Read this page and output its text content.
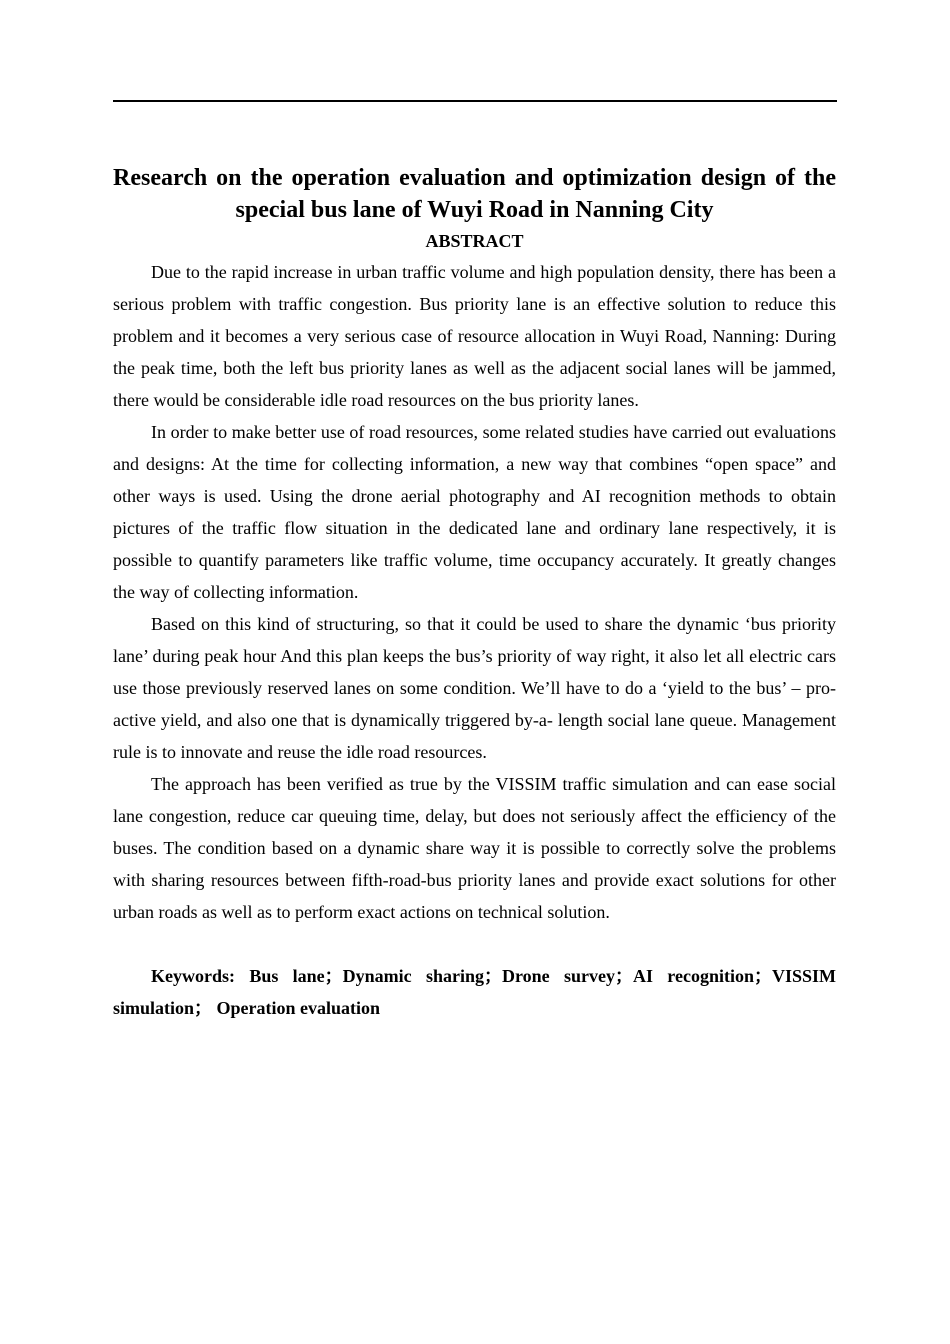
Research on the operation evaluation and optimization design of the special bus lane of Wuyi Road in Nanning City
ABSTRACT

Due to the rapid increase in urban traffic volume and high population density, there has been a serious problem with traffic congestion. Bus priority lane is an effective solution to reduce this problem and it becomes a very serious case of resource allocation in Wuyi Road, Nanning: During the peak time, both the left bus priority lanes as well as the adjacent social lanes will be jammed, there would be considerable idle road resources on the bus priority lanes.

In order to make better use of road resources, some related studies have carried out evaluations and designs: At the time for collecting information, a new way that combines “open space” and other ways is used. Using the drone aerial photography and AI recognition methods to obtain pictures of the traffic flow situation in the dedicated lane and ordinary lane respectively, it is possible to quantify parameters like traffic volume, time occupancy accurately. It greatly changes the way of collecting information.

Based on this kind of structuring, so that it could be used to share the dynamic ‘bus priority lane’ during peak hour And this plan keeps the bus’s priority of way right, it also let all electric cars use those previously reserved lanes on some condition. We’ll have to do a ‘yield to the bus’ – pro-active yield, and also one that is dynamically triggered by-a- length social lane queue. Management rule is to innovate and reuse the idle road resources.

The approach has been verified as true by the VISSIM traffic simulation and can ease social lane congestion, reduce car queuing time, delay, but does not seriously affect the efficiency of the buses. The condition based on a dynamic share way it is possible to correctly solve the problems with sharing resources between fifth-road-bus priority lanes and provide exact solutions for other urban roads as well as to perform exact actions on technical solution.

Keywords: Bus lane；Dynamic sharing；Drone survey；AI recognition；VISSIM simulation； Operation evaluation
